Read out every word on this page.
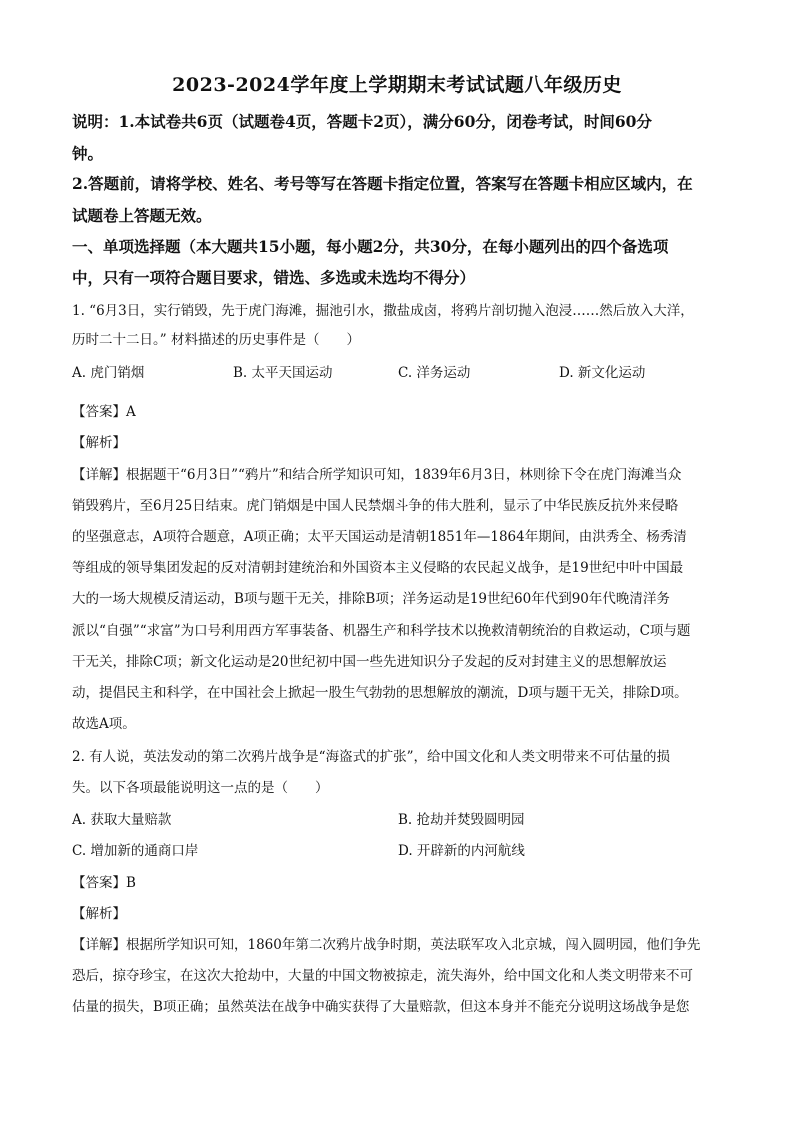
2023-2024学年度上学期期末考试试题八年级历史
说明：1.本试卷共6页（试题卷4页，答题卡2页），满分60分，闭卷考试，时间60分
钟。
2.答题前，请将学校、姓名、考号等写在答题卡指定位置，答案写在答题卡相应区域内，在
试题卷上答题无效。
一、单项选择题（本大题共15小题，每小题2分，共30分，在每小题列出的四个备选项
中，只有一项符合题目要求，错选、多选或未选均不得分）
1. “6月3日，实行销毁，先于虎门海滩，掘池引水，撒盐成卤，将鸦片剖切抛入泡浸……然后放入大洋，
历时二十二日。” 材料描述的历史事件是（　　）
A. 虎门销烟	B. 太平天国运动	C. 洋务运动	D. 新文化运动
【答案】A
【解析】
【详解】根据题干“6月3日”“鸦片”和结合所学知识可知，1839年6月3日，林则徐下令在虎门海滩当众
销毁鸦片，至6月25日结束。虎门销烟是中国人民禁烟斗争的伟大胜利，显示了中华民族反抗外来侵略
的坚强意志，A项符合题意，A项正确；太平天国运动是清朝1851年—1864年期间，由洪秀全、杨秀清
等组成的领导集团发起的反对清朝封建统治和外国资本主义侵略的农民起义战争，是19世纪中叶中国最
大的一场大规模反清运动，B项与题干无关，排除B项；洋务运动是19世纪60年代到90年代晚清洋务
派以“自强”“求富”为口号利用西方军事装备、机器生产和科学技术以挽救清朝统治的自救运动，C项与题
干无关，排除C项；新文化运动是20世纪初中国一些先进知识分子发起的反对封建主义的思想解放运
动，提倡民主和科学，在中国社会上掀起一股生气勃勃的思想解放的潮流，D项与题干无关，排除D项。
故选A项。
2. 有人说，英法发动的第二次鸦片战争是“海盗式的扩张”，给中国文化和人类文明带来不可估量的损
失。以下各项最能说明这一点的是（　　）
A. 获取大量赔款	B. 抢劫并焚毁圆明园
C. 增加新的通商口岸	D. 开辟新的内河航线
【答案】B
【解析】
【详解】根据所学知识可知，1860年第二次鸦片战争时期，英法联军攻入北京城，闯入圆明园，他们争先
恐后，掠夺珍宝，在这次大抢劫中，大量的中国文物被掠走，流失海外，给中国文化和人类文明带来不可
估量的损失，B项正确；虽然英法在战争中确实获得了大量赔款，但这本身并不能充分说明这场战争是您
